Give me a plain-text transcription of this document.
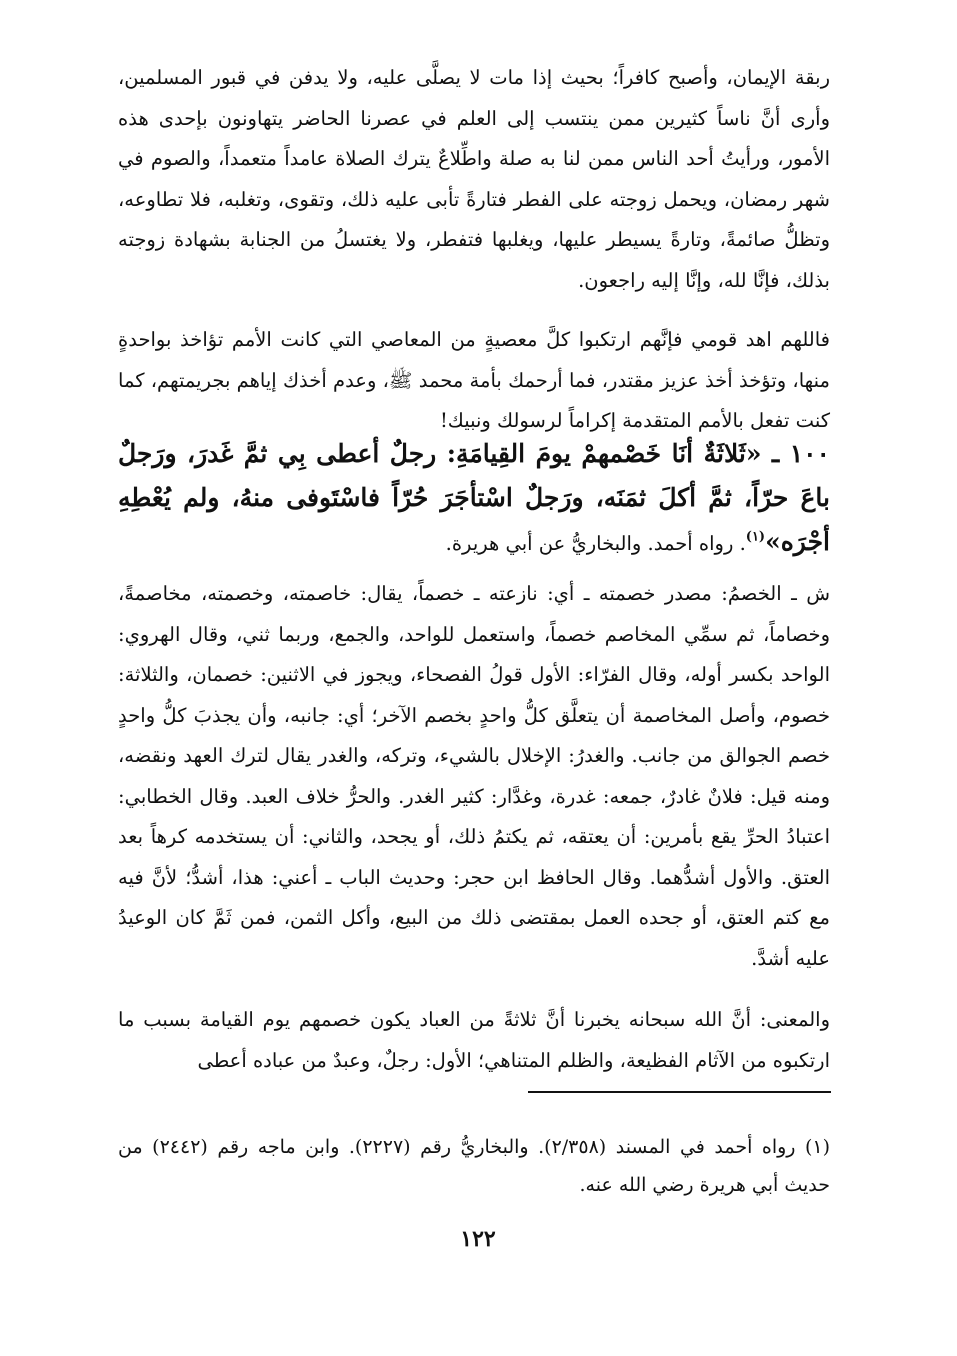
ربقة الإيمان، وأصبح كافراً؛ بحيث إذا مات لا يصلَّى عليه، ولا يدفن في قبور المسلمين، وأرى أنَّ ناساً كثيرين ممن ينتسب إلى العلم في عصرنا الحاضر يتهاونون بإحدى هذه الأمور، ورأيتُ أحد الناس ممن لنا به صلة واطِّلاعٌ يترك الصلاة عامداً متعمداً، والصوم في شهر رمضان، ويحمل زوجته على الفطر فتارةً تأبى عليه ذلك، وتقوى، وتغلبه، فلا تطاوعه، وتظلُّ صائمةً، وتارةً يسيطر عليها، ويغلبها فتفطر، ولا يغتسلُ من الجنابة بشهادة زوجته بذلك، فإنَّا لله، وإنَّا إليه راجعون.

فاللهم اهد قومي فإنَّهم ارتكبوا كلَّ معصيةٍ من المعاصي التي كانت الأمم تؤاخذ بواحدةٍ منها، وتؤخذ أخذ عزيز مقتدر، فما أرحمك بأمة محمد ﷺ، وعدم أخذك إياهم بجريمتهم، كما كنت تفعل بالأمم المتقدمة إكراماً لرسولك ونبيك!

١٠٠ ـ «ثَلاثَةٌ أنَا خَصْمهمْ يومَ القِيامَةِ: رجلٌ أعطى بِي ثمَّ غَدرَ، ورَجلٌ باعَ حرّاً، ثمَّ أكلَ ثمَنَه، ورَجلٌ اسْتأجَرَ حُرّاً فاسْتَوفى منهُ، ولم يُعْطِهِ أجْرَه»$^{(١)}$. رواه أحمد. والبخاريُّ عن أبي هريرة.

ش ـ الخصمُ: مصدر خصمته ـ أي: نازعته ـ خصماً، يقال: خاصمته، وخصمته، مخاصمةً، وخصاماً، ثم سمِّي المخاصم خصماً، واستعمل للواحد، والجمع، وربما ثني، وقال الهروي: الواحد بكسر أوله، وقال الفرّاء: الأول قولُ الفصحاء، ويجوز في الاثنين: خصمان، والثلاثة: خصوم، وأصل المخاصمة أن يتعلَّق كلُّ واحدٍ بخصم الآخر؛ أي: جانبه، وأن يجذبَ كلُّ واحدٍ خصم الجوالق من جانب. والغدرُ: الإخلال بالشيء، وتركه، والغدر يقال لترك العهد ونقضه، ومنه قيل: فلانٌ غادرٌ، جمعه: غدرة، وغدَّار: كثير الغدر. والحرُّ خلاف العبد. وقال الخطابي: اعتبادُ الحرِّ يقع بأمرين: أن يعتقه، ثم يكتمُ ذلك، أو يجحد، والثاني: أن يستخدمه كرهاً بعد العتق. والأول أشدُّهما. وقال الحافظ ابن حجر: وحديث الباب ـ أعني: هذا، أشدُّ؛ لأنَّ فيه مع كتم العتق، أو جحده العمل بمقتضى ذلك من البيع، وأكل الثمن، فمن ثَمَّ كان الوعيدُ عليه أشدَّ.

والمعنى: أنَّ الله سبحانه يخبرنا أنَّ ثلاثةً من العباد يكون خصمهم يوم القيامة بسبب ما ارتكبوه من الآثام الفظيعة، والظلم المتناهي؛ الأول: رجلٌ، وعبدٌ من عباده أعطى

(١) رواه أحمد في المسند (٢/٣٥٨). والبخاريُّ رقم (٢٢٢٧). وابن ماجه رقم (٢٤٤٢) من حديث أبي هريرة رضي الله عنه.

١٢٢
